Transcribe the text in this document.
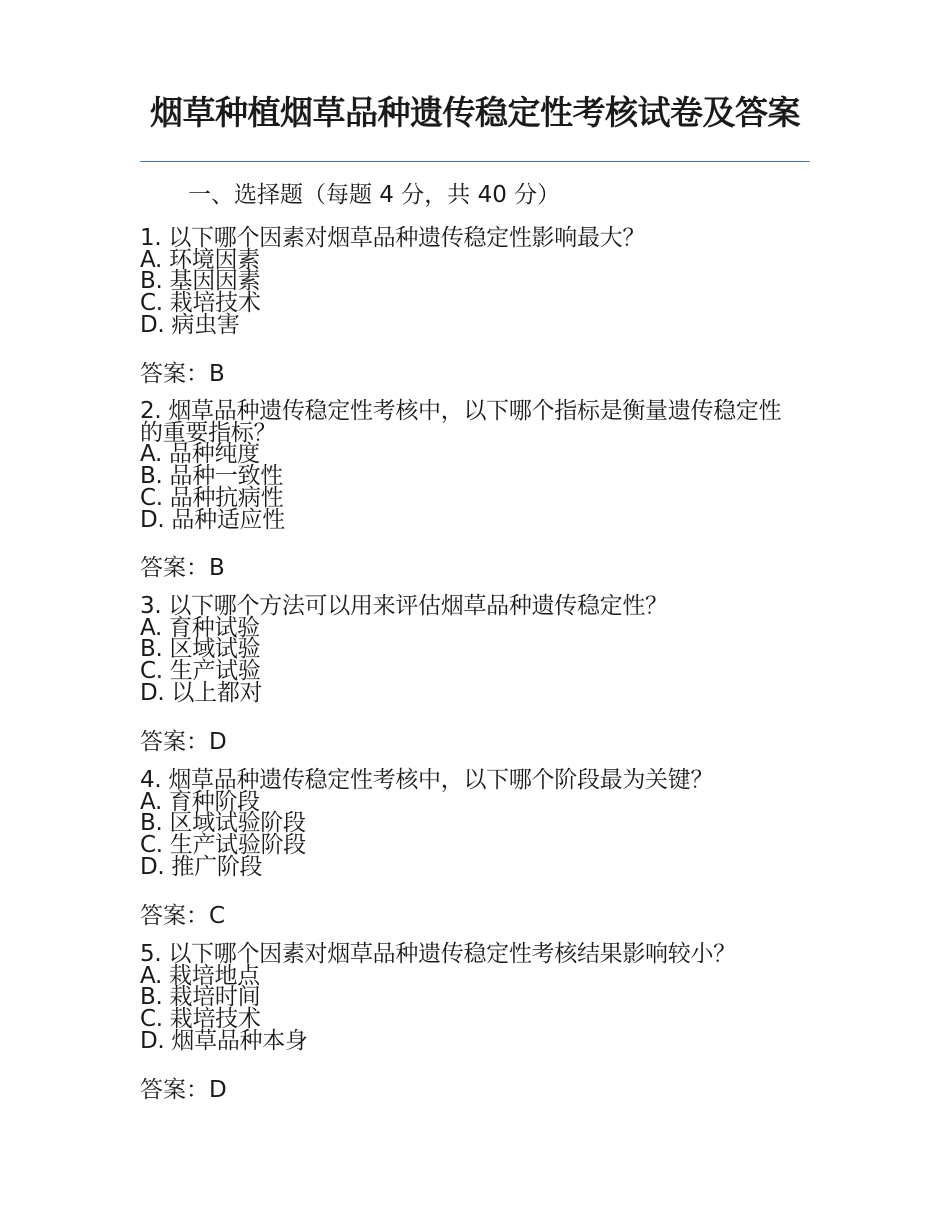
烟草种植烟草品种遗传稳定性考核试卷及答案
一、选择题（每题 4 分，共 40 分）
1. 以下哪个因素对烟草品种遗传稳定性影响最大？
A. 环境因素
B. 基因因素
C. 栽培技术
D. 病虫害
答案：B
2. 烟草品种遗传稳定性考核中，以下哪个指标是衡量遗传稳定性的重要指标？
A. 品种纯度
B. 品种一致性
C. 品种抗病性
D. 品种适应性
答案：B
3. 以下哪个方法可以用来评估烟草品种遗传稳定性？
A. 育种试验
B. 区域试验
C. 生产试验
D. 以上都对
答案：D
4. 烟草品种遗传稳定性考核中，以下哪个阶段最为关键？
A. 育种阶段
B. 区域试验阶段
C. 生产试验阶段
D. 推广阶段
答案：C
5. 以下哪个因素对烟草品种遗传稳定性考核结果影响较小？
A. 栽培地点
B. 栽培时间
C. 栽培技术
D. 烟草品种本身
答案：D
